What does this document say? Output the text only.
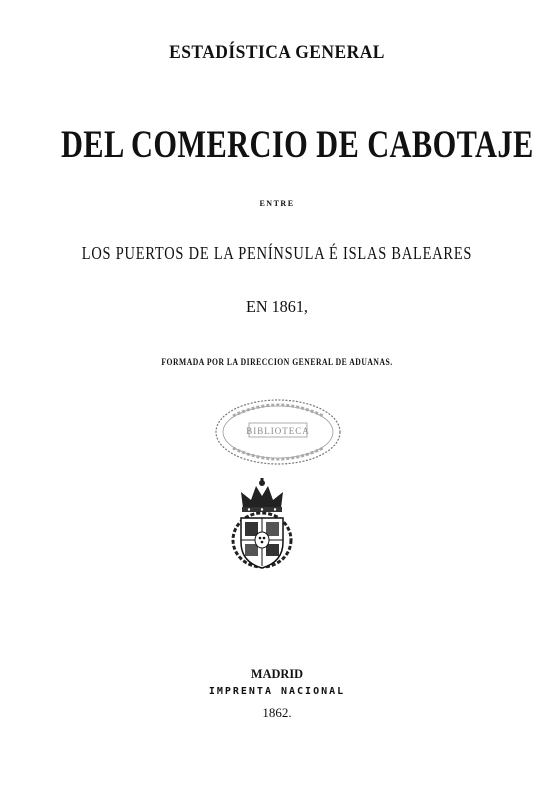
ESTADÍSTICA GENERAL
DEL COMERCIO DE CABOTAJE
ENTRE
LOS PUERTOS DE LA PENÍNSULA É ISLAS BALEARES
EN 1861,
FORMADA POR LA DIRECCION GENERAL DE ADUANAS.
BIBLIOTECA
MADRID
IMPRENTA NACIONAL
1862.
